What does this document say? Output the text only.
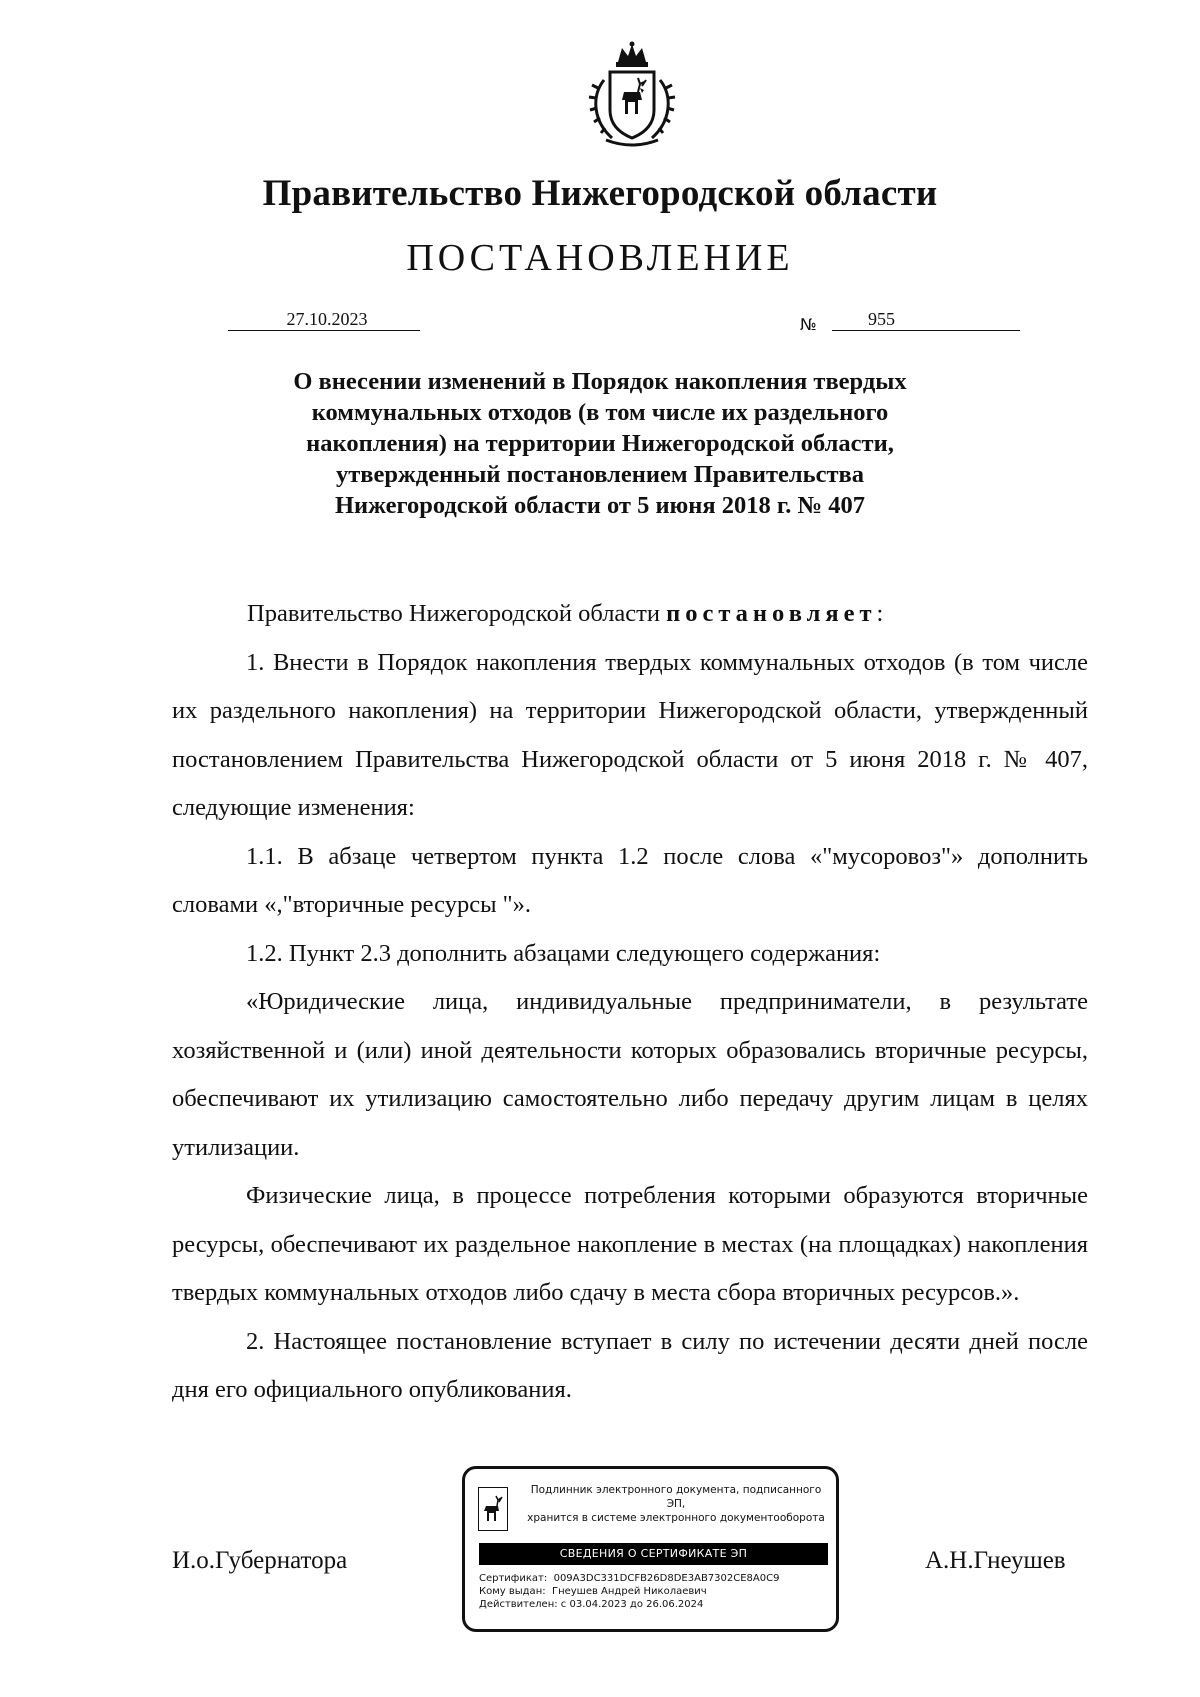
Правительство Нижегородской области
ПОСТАНОВЛЕНИЕ
27.10.2023	№	955
О внесении изменений в Порядок накопления твердых коммунальных отходов (в том числе их раздельного накопления) на территории Нижегородской области, утвержденный постановлением Правительства Нижегородской области от 5 июня 2018 г. № 407

Правительство Нижегородской области постановляет:

1. Внести в Порядок накопления твердых коммунальных отходов (в том числе их раздельного накопления) на территории Нижегородской области, утвержденный постановлением Правительства Нижегородской области от 5 июня 2018 г. № 407, следующие изменения:

1.1. В абзаце четвертом пункта 1.2 после слова «"мусоровоз"» дополнить словами «,"вторичные ресурсы "».

1.2. Пункт 2.3 дополнить абзацами следующего содержания:

«Юридические лица, индивидуальные предприниматели, в результате хозяйственной и (или) иной деятельности которых образовались вторичные ресурсы, обеспечивают их утилизацию самостоятельно либо передачу другим лицам в целях утилизации.

Физические лица, в процессе потребления которыми образуются вторичные ресурсы, обеспечивают их раздельное накопление в местах (на площадках) накопления твердых коммунальных отходов либо сдачу в места сбора вторичных ресурсов.».

2. Настоящее постановление вступает в силу по истечении десяти дней после дня его официального опубликования.

И.о.Губернатора	А.Н.Гнеушев
Подлинник электронного документа, подписанного ЭП,
хранится в системе электронного документооборота
СВЕДЕНИЯ О СЕРТИФИКАТЕ ЭП
Сертификат: 009A3DC331DCFB26D8DE3AB7302CE8A0C9
Кому выдан: Гнеушев Андрей Николаевич
Действителен: с 03.04.2023 до 26.06.2024
